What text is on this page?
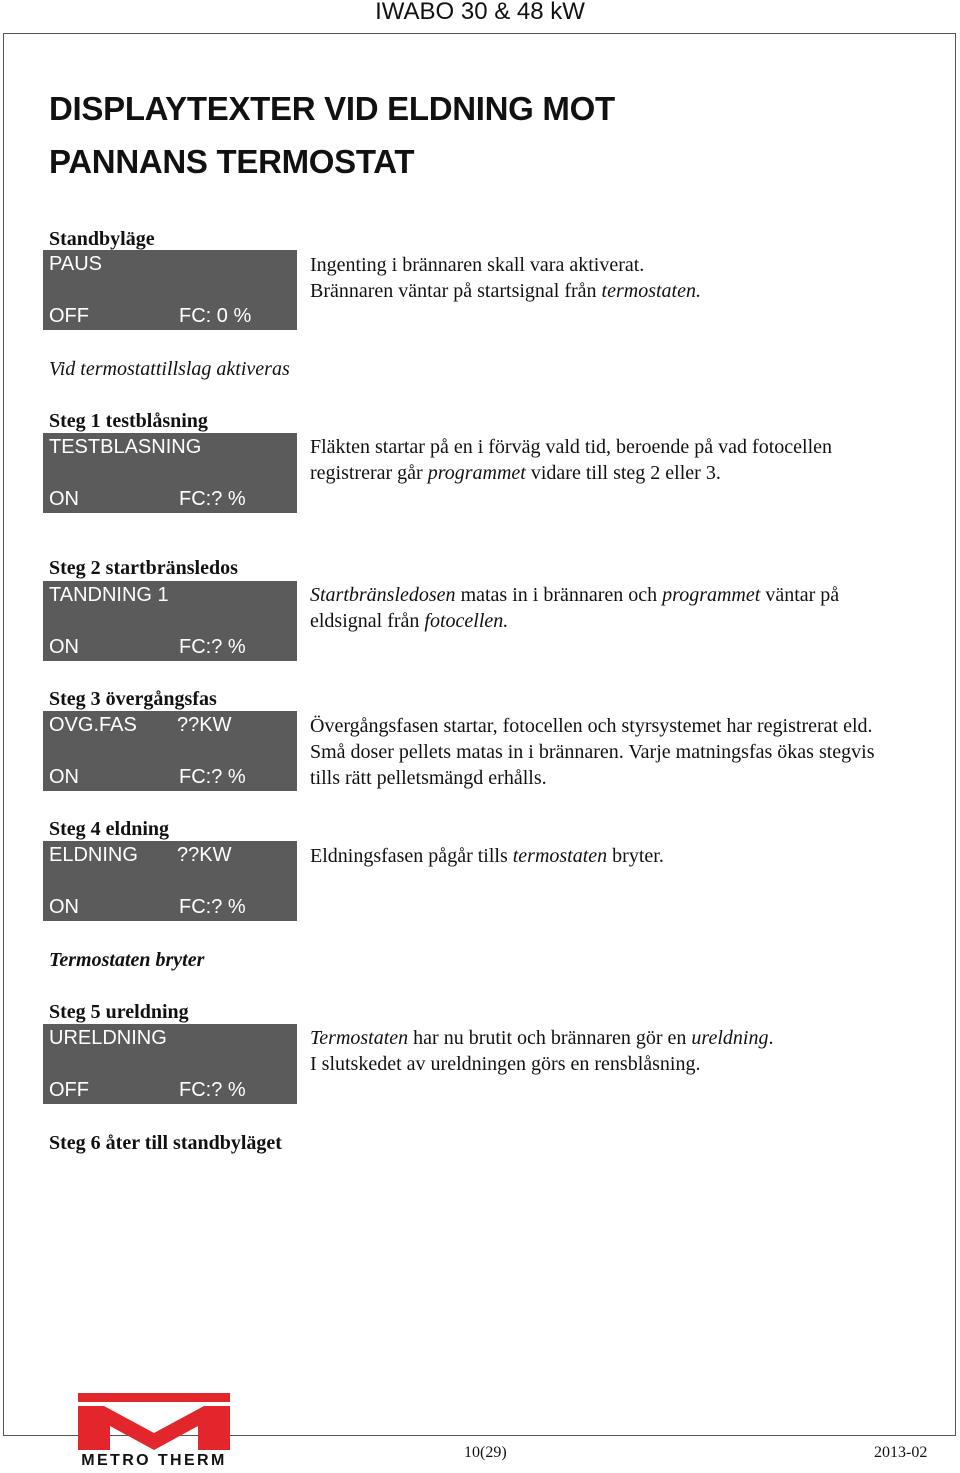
IWABO 30 & 48 kW
DISPLAYTEXTER VID ELDNING MOT
PANNANS TERMOSTAT
Standbyläge
PAUS
OFF	FC: 0 %

Ingenting i brännaren skall vara aktiverat.

Brännaren väntar på startsignal från termostaten.

Vid termostattillslag aktiveras
Steg 1 testblåsning
TESTBLASNING
ON	FC:? %

Fläkten startar på en i förväg vald tid, beroende på vad fotocellen

registrerar går programmet vidare till steg 2 eller 3.

Steg 2 startbränsledos
TANDNING 1
ON	FC:? %

Startbränsledosen matas in i brännaren och programmet väntar på

eldsignal från fotocellen.

Steg 3 övergångsfas
OVG.FAS ??KW
ON	FC:? %

Övergångsfasen startar, fotocellen och styrsystemet har registrerat eld.

Små doser pellets matas in i brännaren. Varje matningsfas ökas stegvis

tills rätt pelletsmängd erhålls.

Steg 4 eldning
ELDNING ??KW
ON	FC:? %

Eldningsfasen pågår tills termostaten bryter.

Termostaten bryter
Steg 5 ureldning
URELDNING
OFF	FC:? %

Termostaten har nu brutit och brännaren gör en ureldning.

I slutskedet av ureldningen görs en rensblåsning.

Steg 6 åter till standbyläget
METRO THERM	10(29)	2013-02
